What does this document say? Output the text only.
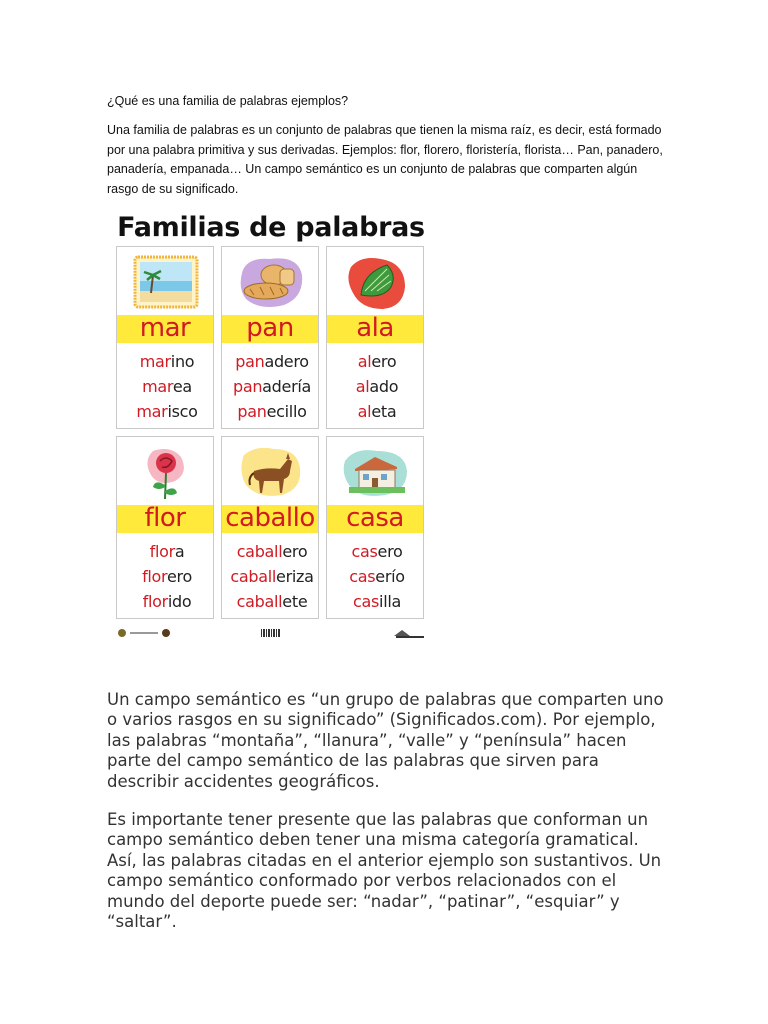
¿Qué es una familia de palabras ejemplos?
Una familia de palabras es un conjunto de palabras que tienen la misma raíz, es decir, está formado por una palabra primitiva y sus derivadas. Ejemplos: flor, florero, floristería, florista… Pan, panadero, panadería, empanada… Un campo semántico es un conjunto de palabras que comparten algún rasgo de su significado.
Familias de palabras
mar
marino
marea
marisco
pan
panadero
panadería
panecillo
ala
alero
alado
aleta
flor
flora
florero
florido
caballo
caballero
caballeriza
caballete
casa
casero
caserío
casilla
Un campo semántico es “un grupo de palabras que comparten uno o varios rasgos en su significado” (Significados.com). Por ejemplo, las palabras “montaña”, “llanura”, “valle” y “península” hacen parte del campo semántico de las palabras que sirven para describir accidentes geográficos.
Es importante tener presente que las palabras que conforman un campo semántico deben tener una misma categoría gramatical. Así, las palabras citadas en el anterior ejemplo son sustantivos. Un campo semántico conformado por verbos relacionados con el mundo del deporte puede ser: “nadar”, “patinar”, “esquiar” y “saltar”.
